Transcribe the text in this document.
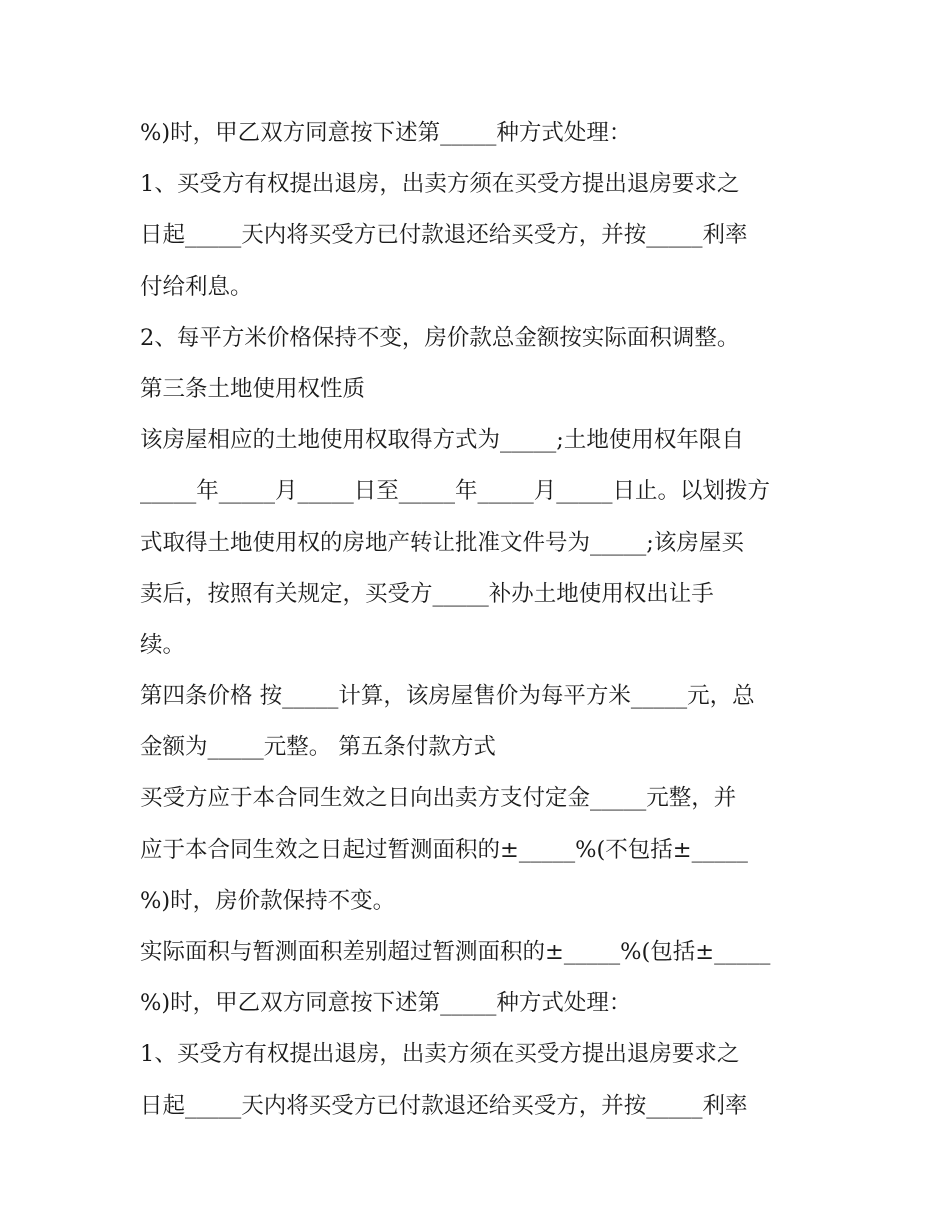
%)时，甲乙双方同意按下述第_____种方式处理：

1、买受方有权提出退房，出卖方须在买受方提出退房要求之

日起_____天内将买受方已付款退还给买受方，并按_____利率

付给利息。

2、每平方米价格保持不变，房价款总金额按实际面积调整。

第三条土地使用权性质

该房屋相应的土地使用权取得方式为_____;土地使用权年限自

_____年_____月_____日至_____年_____月_____日止。以划拨方

式取得土地使用权的房地产转让批准文件号为_____;该房屋买

卖后，按照有关规定，买受方_____补办土地使用权出让手

续。

第四条价格 按_____计算，该房屋售价为每平方米_____元，总

金额为_____元整。 第五条付款方式

买受方应于本合同生效之日向出卖方支付定金_____元整，并

应于本合同生效之日起过暂测面积的±_____%(不包括±_____

%)时，房价款保持不变。

实际面积与暂测面积差别超过暂测面积的±_____%(包括±_____

%)时，甲乙双方同意按下述第_____种方式处理：

1、买受方有权提出退房，出卖方须在买受方提出退房要求之

日起_____天内将买受方已付款退还给买受方，并按_____利率
